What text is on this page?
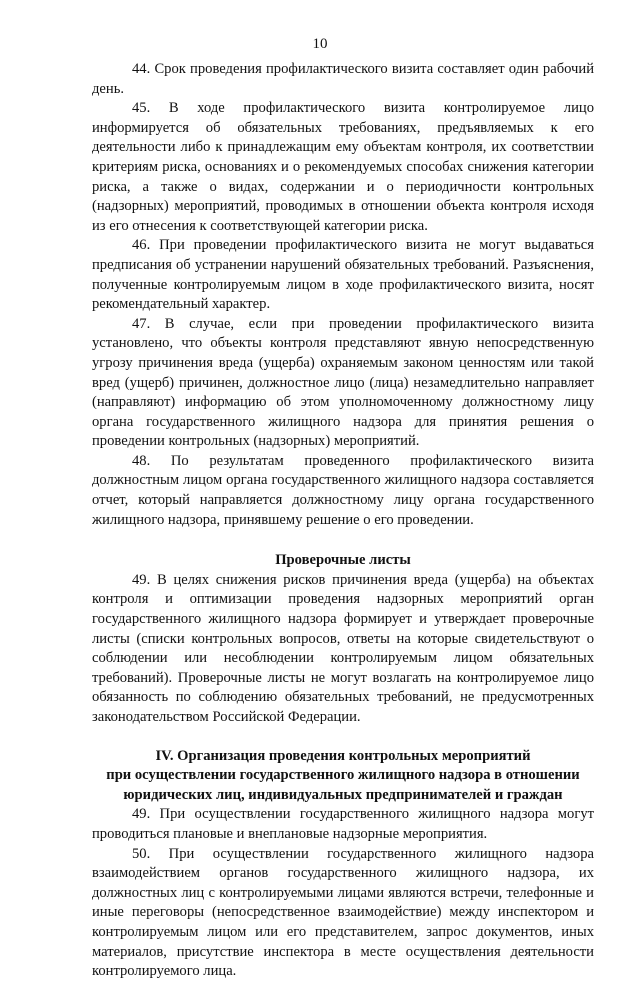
10

44. Срок проведения профилактического визита составляет один рабочий день.

45. В ходе профилактического визита контролируемое лицо информируется об обязательных требованиях, предъявляемых к его деятельности либо к принадлежащим ему объектам контроля, их соответствии критериям риска, основаниях и о рекомендуемых способах снижения категории риска, а также о видах, содержании и о периодичности контрольных (надзорных) мероприятий, проводимых в отношении объекта контроля исходя из его отнесения к соответствующей категории риска.

46. При проведении профилактического визита не могут выдаваться предписания об устранении нарушений обязательных требований. Разъяснения, полученные контролируемым лицом в ходе профилактического визита, носят рекомендательный характер.

47. В случае, если при проведении профилактического визита установлено, что объекты контроля представляют явную непосредственную угрозу причинения вреда (ущерба) охраняемым законом ценностям или такой вред (ущерб) причинен, должностное лицо (лица) незамедлительно направляет (направляют) информацию об этом уполномоченному должностному лицу органа государственного жилищного надзора для принятия решения о проведении контрольных (надзорных) мероприятий.

48. По результатам проведенного профилактического визита должностным лицом органа государственного жилищного надзора составляется отчет, который направляется должностному лицу органа государственного жилищного надзора, принявшему решение о его проведении.

Проверочные листы

49. В целях снижения рисков причинения вреда (ущерба) на объектах контроля и оптимизации проведения надзорных мероприятий орган государственного жилищного надзора формирует и утверждает проверочные листы (списки контрольных вопросов, ответы на которые свидетельствуют о соблюдении или несоблюдении контролируемым лицом обязательных требований). Проверочные листы не могут возлагать на контролируемое лицо обязанность по соблюдению обязательных требований, не предусмотренных законодательством Российской Федерации.

IV. Организация проведения контрольных мероприятий
при осуществлении государственного жилищного надзора в отношении
юридических лиц, индивидуальных предпринимателей и граждан

49. При осуществлении государственного жилищного надзора могут проводиться плановые и внеплановые надзорные мероприятия.

50. При осуществлении государственного жилищного надзора взаимодействием органов государственного жилищного надзора, их должностных лиц с контролируемыми лицами являются встречи, телефонные и иные переговоры (непосредственное взаимодействие) между инспектором и контролируемым лицом или его представителем, запрос документов, иных материалов, присутствие инспектора в месте осуществления деятельности контролируемого лица.
